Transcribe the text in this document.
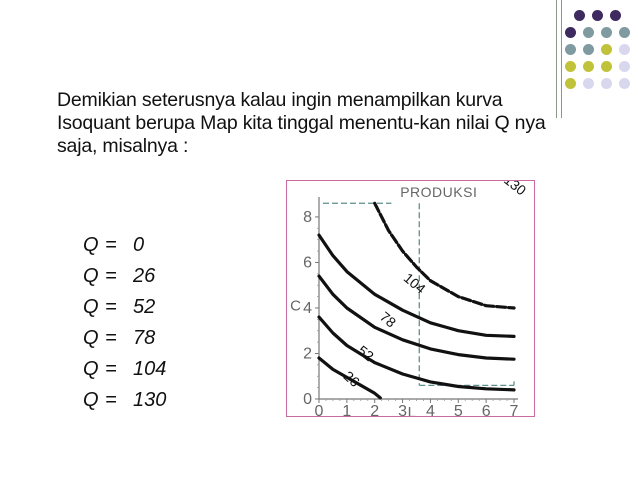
Demikian seterusnya kalau ingin menampilkan kurva Isoquant berupa Map kita tinggal menentu-kan nilai Q nya saja, misalnya :
Q = 0
Q = 26
Q = 52
Q = 78
Q = 104
Q = 130
0 1 2 3 4 5 6 7
0
2
4
6
8
L
C
PRODUKSI
26
52
78
104
130
